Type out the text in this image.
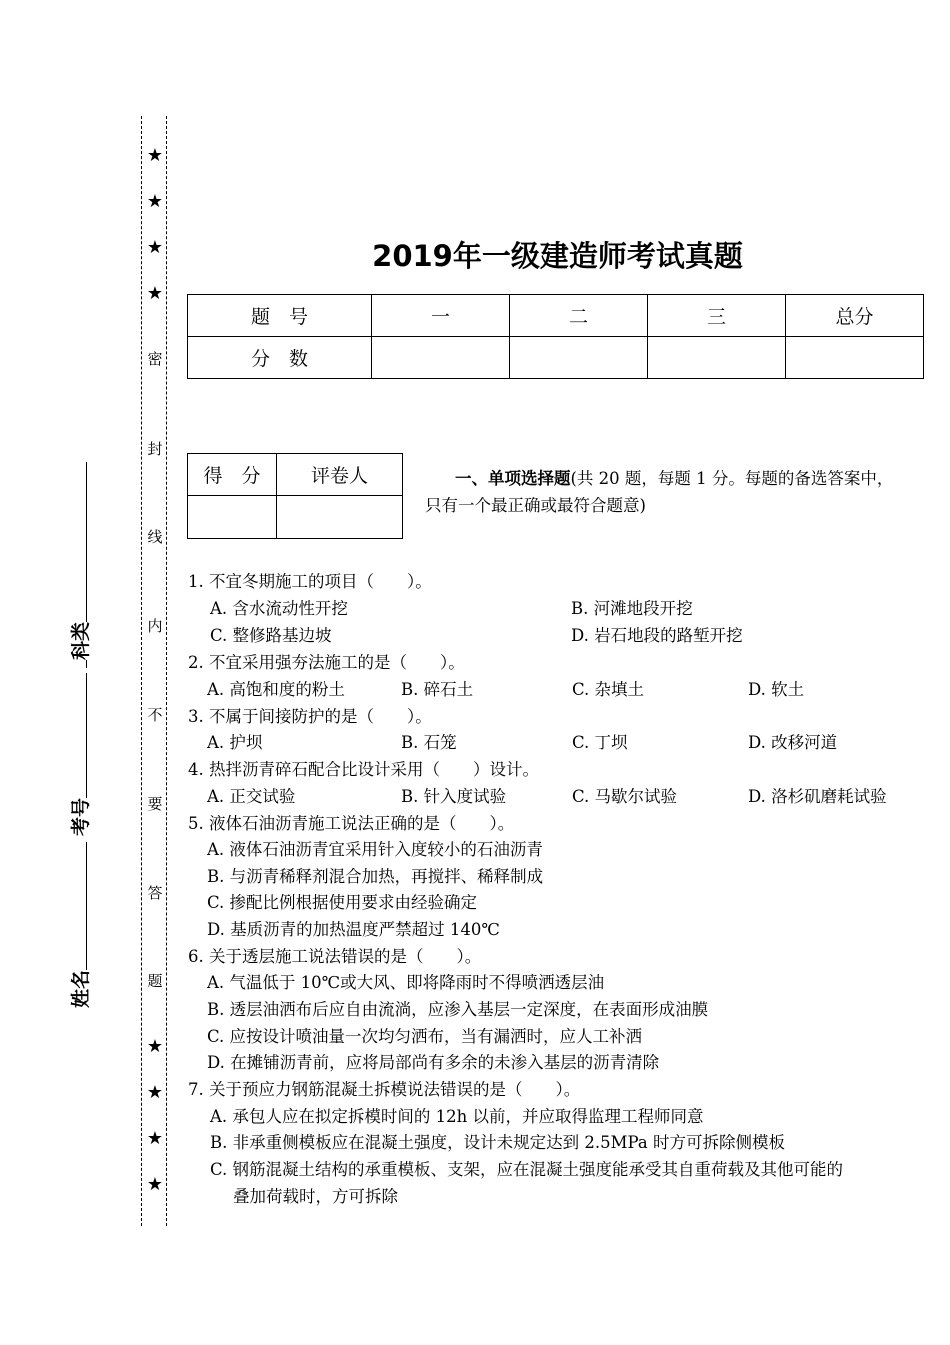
★
★
★
★
★
★
★
★
密
封
线
内
不
要
答
题
科类
考号
姓名
2019年一级建造师考试真题
题　号	一	二	三	总分
分　数				
得　分	评卷人
		一、单项选择题(共 20 题，每题 1 分。每题的备选答案中，
只有一个最正确或最符合题意)
1. 不宜冬期施工的项目（　　）。
A. 含水流动性开挖	B. 河滩地段开挖
C. 整修路基边坡	D. 岩石地段的路堑开挖
2. 不宜采用强夯法施工的是（　　）。
A. 高饱和度的粉土	B. 碎石土	C. 杂填土	D. 软土
3. 不属于间接防护的是（　　）。
A. 护坝	B. 石笼	C. 丁坝	D. 改移河道
4. 热拌沥青碎石配合比设计采用（　　）设计。
A. 正交试验	B. 针入度试验	C. 马歇尔试验	D. 洛杉矶磨耗试验
5. 液体石油沥青施工说法正确的是（　　）。
A. 液体石油沥青宜采用针入度较小的石油沥青
B. 与沥青稀释剂混合加热，再搅拌、稀释制成
C. 掺配比例根据使用要求由经验确定
D. 基质沥青的加热温度严禁超过 140℃
6. 关于透层施工说法错误的是（　　）。
A. 气温低于 10℃或大风、即将降雨时不得喷洒透层油
B. 透层油洒布后应自由流淌，应渗入基层一定深度，在表面形成油膜
C. 应按设计喷油量一次均匀洒布，当有漏洒时，应人工补洒
D. 在摊铺沥青前，应将局部尚有多余的未渗入基层的沥青清除
7. 关于预应力钢筋混凝土拆模说法错误的是（　　）。
A. 承包人应在拟定拆模时间的 12h 以前，并应取得监理工程师同意
B. 非承重侧模板应在混凝土强度，设计未规定达到 2.5MPa 时方可拆除侧模板
C. 钢筋混凝土结构的承重模板、支架，应在混凝土强度能承受其自重荷载及其他可能的
叠加荷载时，方可拆除
